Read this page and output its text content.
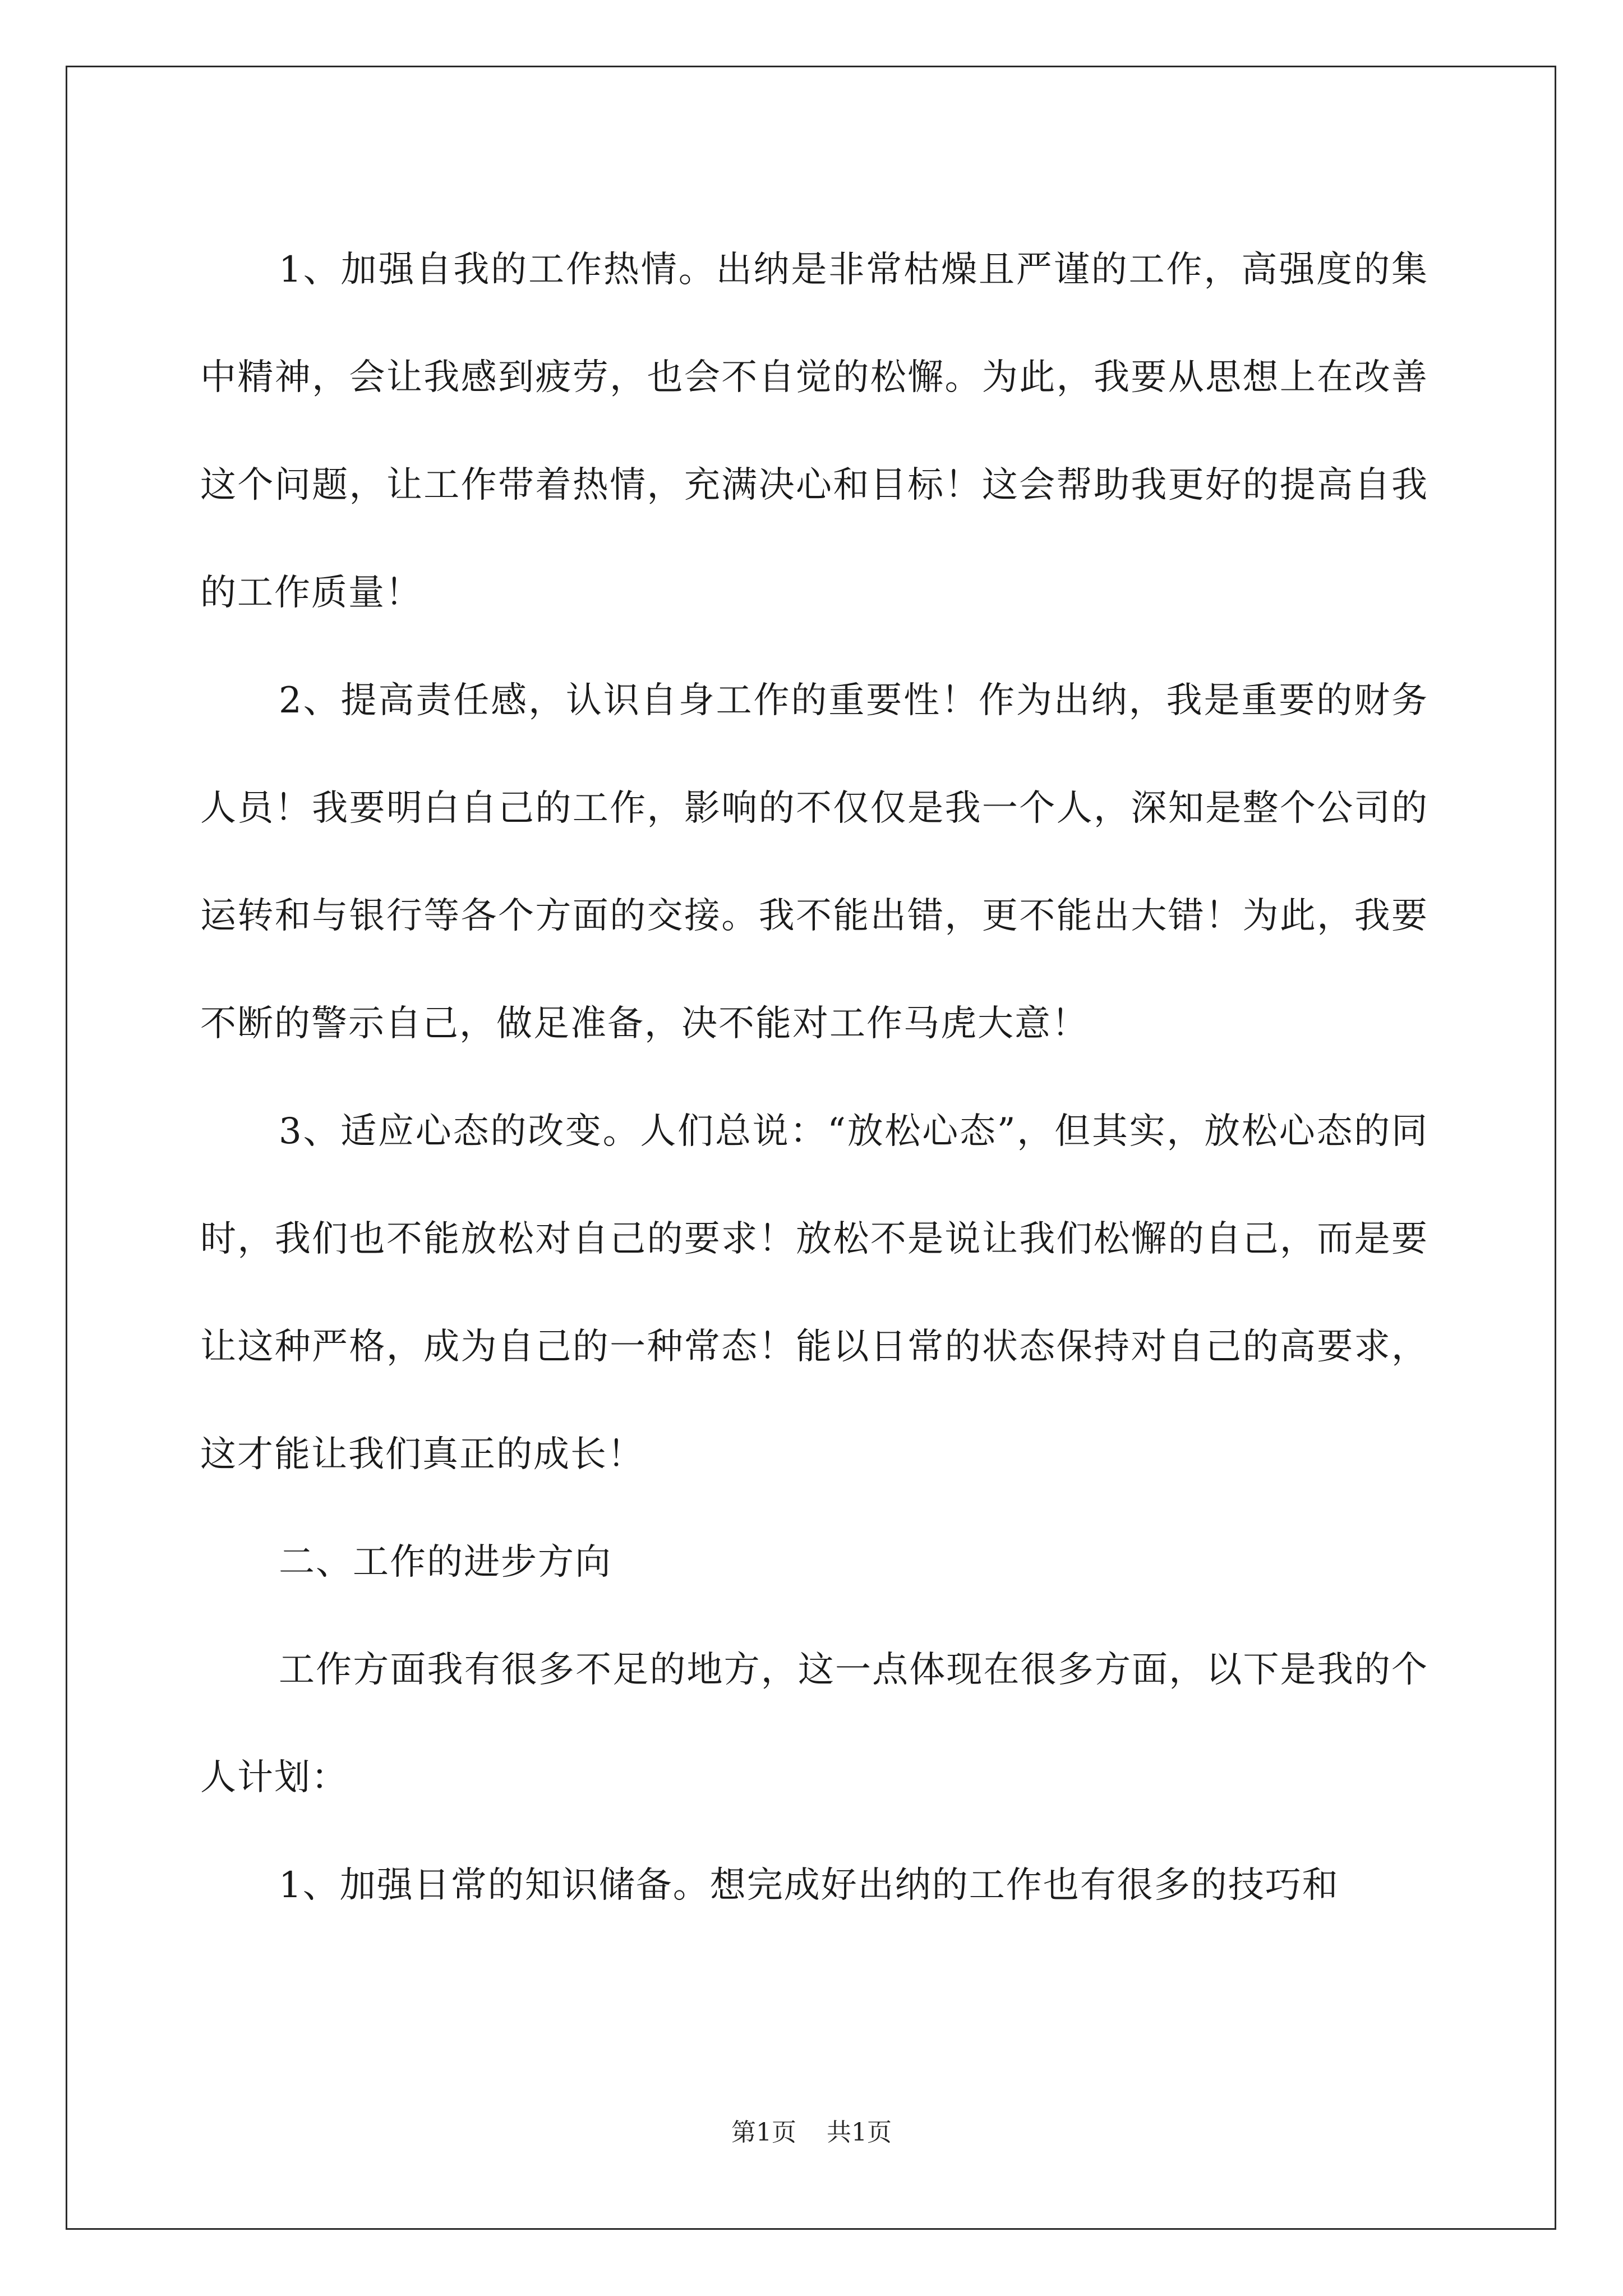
1、加强自我的工作热情。出纳是非常枯燥且严谨的工作，高强度的集中精神，会让我感到疲劳，也会不自觉的松懈。为此，我要从思想上在改善这个问题，让工作带着热情，充满决心和目标！这会帮助我更好的提高自我的工作质量！

2、提高责任感，认识自身工作的重要性！作为出纳，我是重要的财务人员！我要明白自己的工作，影响的不仅仅是我一个人，深知是整个公司的运转和与银行等各个方面的交接。我不能出错，更不能出大错！为此，我要不断的警示自己，做足准备，决不能对工作马虎大意！

3、适应心态的改变。人们总说：“放松心态”，但其实，放松心态的同时，我们也不能放松对自己的要求！放松不是说让我们松懈的自己，而是要让这种严格，成为自己的一种常态！能以日常的状态保持对自己的高要求，这才能让我们真正的成长！

二、工作的进步方向

工作方面我有很多不足的地方，这一点体现在很多方面，以下是我的个人计划：

1、加强日常的知识储备。想完成好出纳的工作也有很多的技巧和

第1页 共1页
